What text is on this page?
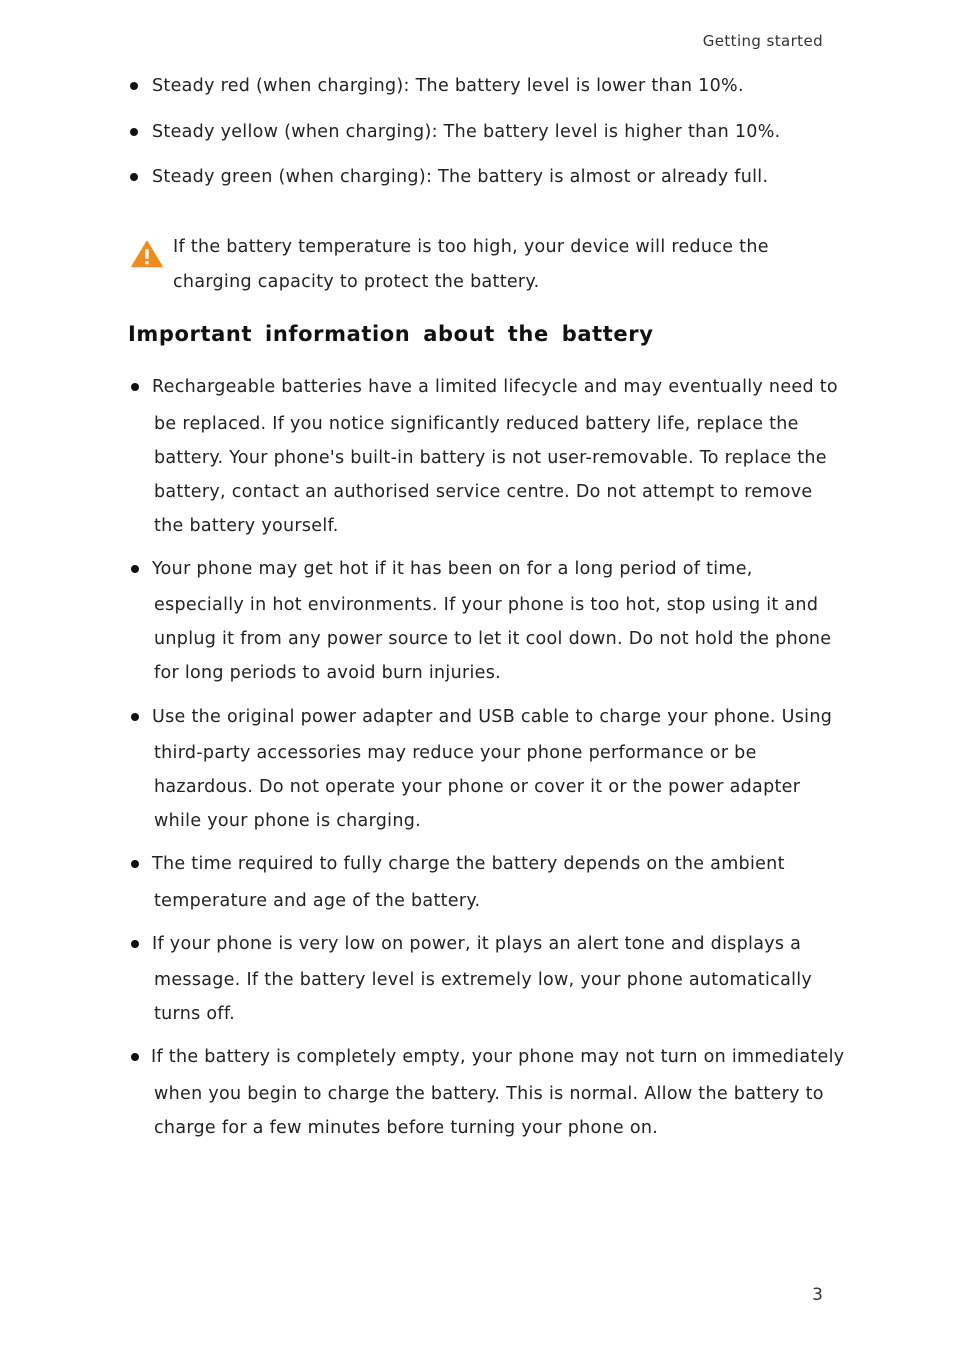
Getting started
Steady red (when charging): The battery level is lower than 10%.
Steady yellow (when charging): The battery level is higher than 10%.
Steady green (when charging): The battery is almost or already full.
If the battery temperature is too high, your device will reduce the
charging capacity to protect the battery.
Important information about the battery
Rechargeable batteries have a limited lifecycle and may eventually need to
be replaced. If you notice significantly reduced battery life, replace the
battery. Your phone's built-in battery is not user-removable. To replace the
battery, contact an authorised service centre. Do not attempt to remove
the battery yourself.
Your phone may get hot if it has been on for a long period of time,
especially in hot environments. If your phone is too hot, stop using it and
unplug it from any power source to let it cool down. Do not hold the phone
for long periods to avoid burn injuries.
Use the original power adapter and USB cable to charge your phone. Using
third-party accessories may reduce your phone performance or be
hazardous. Do not operate your phone or cover it or the power adapter
while your phone is charging.
The time required to fully charge the battery depends on the ambient
temperature and age of the battery.
If your phone is very low on power, it plays an alert tone and displays a
message. If the battery level is extremely low, your phone automatically
turns off.
If the battery is completely empty, your phone may not turn on immediately
when you begin to charge the battery. This is normal. Allow the battery to
charge for a few minutes before turning your phone on.
3
